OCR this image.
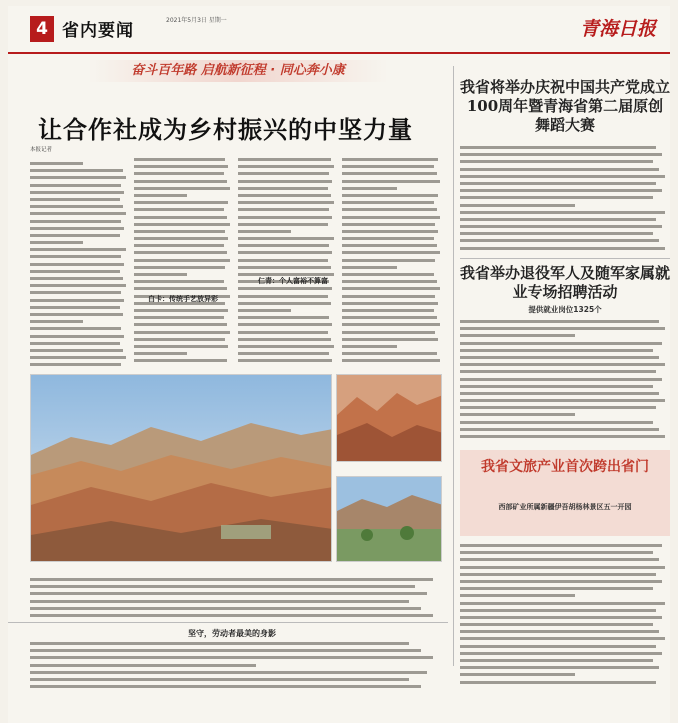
4 省内要闻
2021年5月3日 星期一	青海日报
奋斗百年路 启航新征程 · 同心奔小康
让合作社成为乡村振兴的中坚力量
本报记者
白卡：传统手艺放异彩
仁青：个人富裕不算富
坚守，劳动者最美的身影
我省将举办庆祝中国共产党成立100周年暨青海省第二届原创舞蹈大赛
我省举办退役军人及随军家属就业专场招聘活动
提供就业岗位1325个
我省文旅产业首次跨出省门
西部矿业所属新疆伊吾胡杨林景区五一开园
